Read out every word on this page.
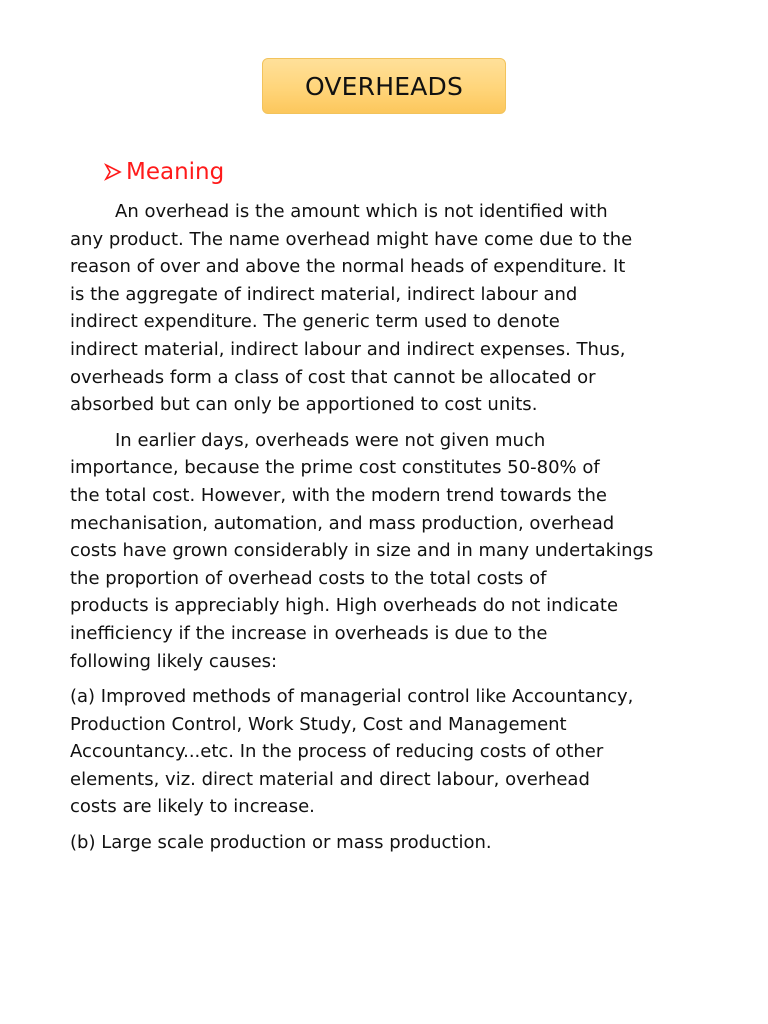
OVERHEADS
Meaning

An overhead is the amount which is not identified with
any product. The name overhead might have come due to the
reason of over and above the normal heads of expenditure. It
is the aggregate of indirect material, indirect labour and
indirect expenditure. The generic term used to denote
indirect material, indirect labour and indirect expenses. Thus,
overheads form a class of cost that cannot be allocated or
absorbed but can only be apportioned to cost units.

In earlier days, overheads were not given much
importance, because the prime cost constitutes 50-80% of
the total cost. However, with the modern trend towards the
mechanisation, automation, and mass production, overhead
costs have grown considerably in size and in many undertakings
the proportion of overhead costs to the total costs of
products is appreciably high. High overheads do not indicate
inefficiency if the increase in overheads is due to the
following likely causes:

(a) Improved methods of managerial control like Accountancy,
Production Control, Work Study, Cost and Management
Accountancy...etc. In the process of reducing costs of other
elements, viz. direct material and direct labour, overhead
costs are likely to increase.

(b) Large scale production or mass production.
